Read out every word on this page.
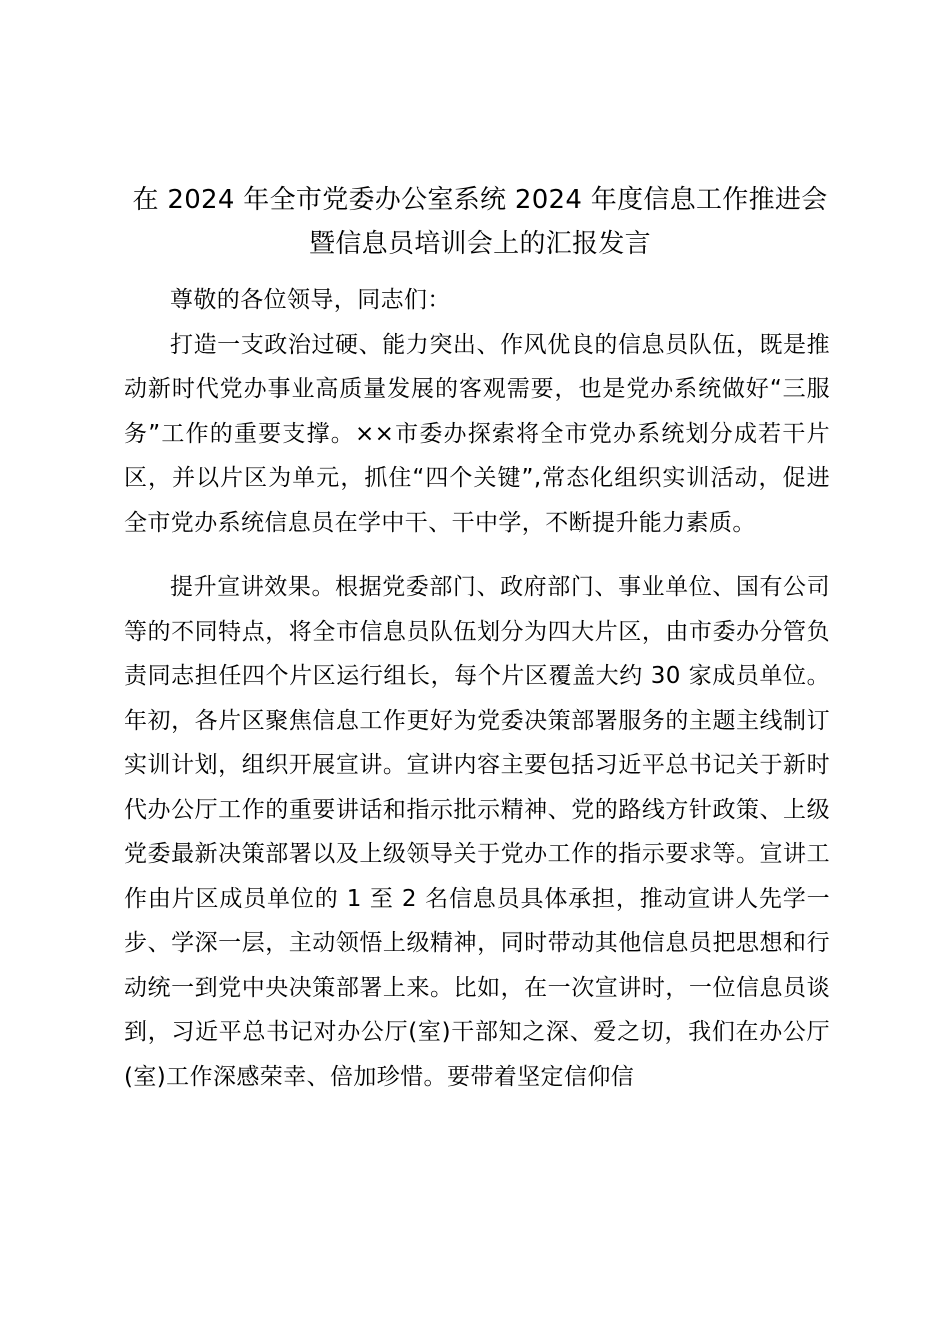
在 2024 年全市党委办公室系统 2024 年度信息工作推进会暨信息员培训会上的汇报发言

尊敬的各位领导，同志们：

打造一支政治过硬、能力突出、作风优良的信息员队伍，既是推动新时代党办事业高质量发展的客观需要，也是党办系统做好“三服务”工作的重要支撑。××市委办探索将全市党办系统划分成若干片区，并以片区为单元，抓住“四个关键”,常态化组织实训活动，促进全市党办系统信息员在学中干、干中学，不断提升能力素质。

提升宣讲效果。根据党委部门、政府部门、事业单位、国有公司等的不同特点，将全市信息员队伍划分为四大片区，由市委办分管负责同志担任四个片区运行组长，每个片区覆盖大约 30 家成员单位。年初，各片区聚焦信息工作更好为党委决策部署服务的主题主线制订实训计划，组织开展宣讲。宣讲内容主要包括习近平总书记关于新时代办公厅工作的重要讲话和指示批示精神、党的路线方针政策、上级党委最新决策部署以及上级领导关于党办工作的指示要求等。宣讲工作由片区成员单位的 1 至 2 名信息员具体承担，推动宣讲人先学一步、学深一层，主动领悟上级精神，同时带动其他信息员把思想和行动统一到党中央决策部署上来。比如，在一次宣讲时，一位信息员谈到，习近平总书记对办公厅(室)干部知之深、爱之切，我们在办公厅(室)工作深感荣幸、倍加珍惜。要带着坚定信仰信
